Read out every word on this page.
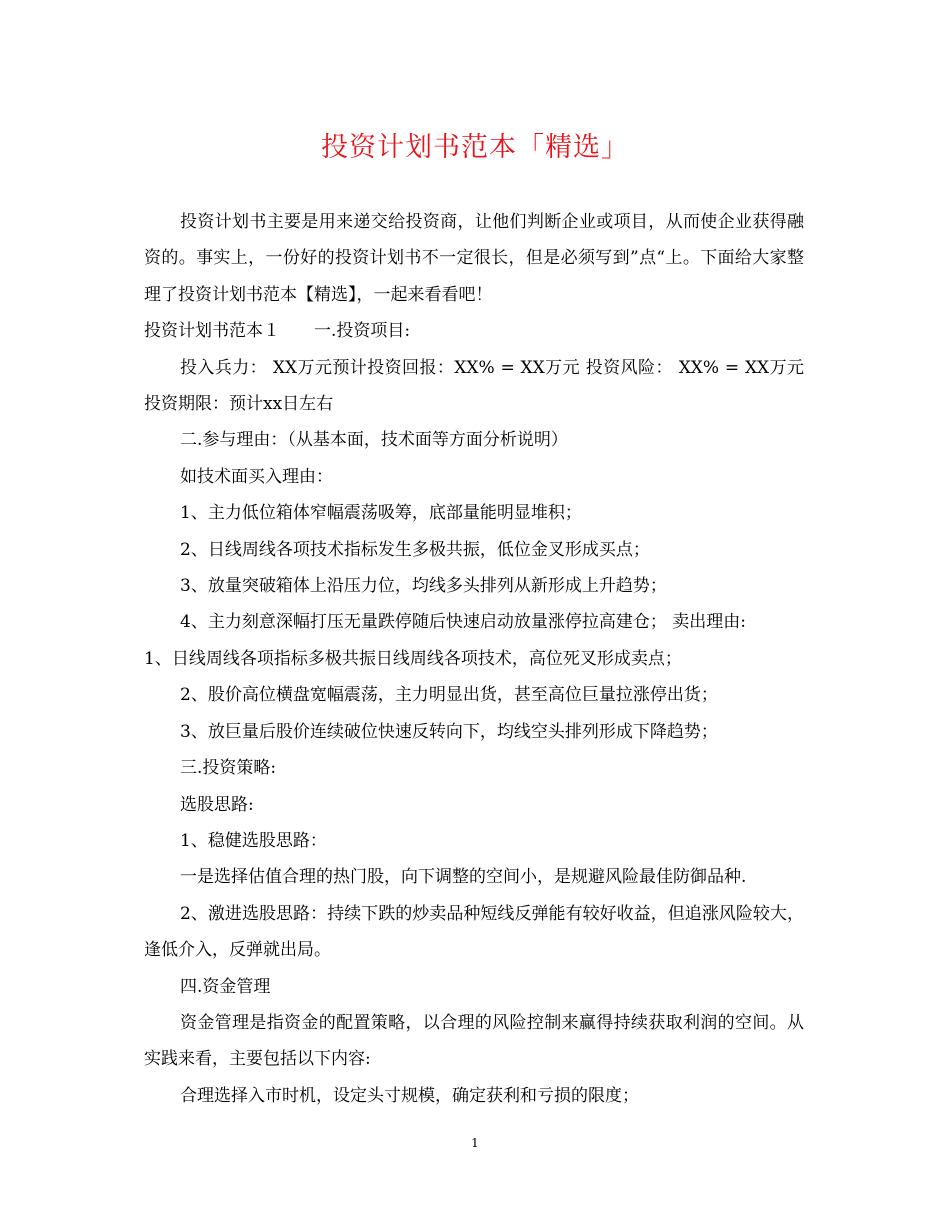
投资计划书范本「精选」

投资计划书主要是用来递交给投资商，让他们判断企业或项目，从而使企业获得融资的。事实上，一份好的投资计划书不一定很长，但是必须写到”点“上。下面给大家整理了投资计划书范本【精选】，一起来看看吧！

投资计划书范本１　　一.投资项目:

投入兵力： XX万元预计投资回报：XX% = XX万元 投资风险： XX% = XX万元 投资期限：预计xx日左右

二.参与理由：（从基本面，技术面等方面分析说明）

如技术面买入理由：

1、主力低位箱体窄幅震荡吸筹，底部量能明显堆积；

2、日线周线各项技术指标发生多极共振，低位金叉形成买点；

3、放量突破箱体上沿压力位，均线多头排列从新形成上升趋势；

4、主力刻意深幅打压无量跌停随后快速启动放量涨停拉高建仓； 卖出理由:

1、日线周线各项指标多极共振日线周线各项技术，高位死叉形成卖点；

2、股价高位横盘宽幅震荡，主力明显出货，甚至高位巨量拉涨停出货；

3、放巨量后股价连续破位快速反转向下，均线空头排列形成下降趋势；

三.投资策略:

选股思路:

1、稳健选股思路：

一是选择估值合理的热门股，向下调整的空间小，是规避风险最佳防御品种.

2、激进选股思路：持续下跌的炒卖品种短线反弹能有较好收益，但追涨风险较大，逢低介入，反弹就出局。

四.资金管理

资金管理是指资金的配置策略，以合理的风险控制来赢得持续获取利润的空间。从实践来看，主要包括以下内容:

合理选择入市时机，设定头寸规模，确定获利和亏损的限度；

1
